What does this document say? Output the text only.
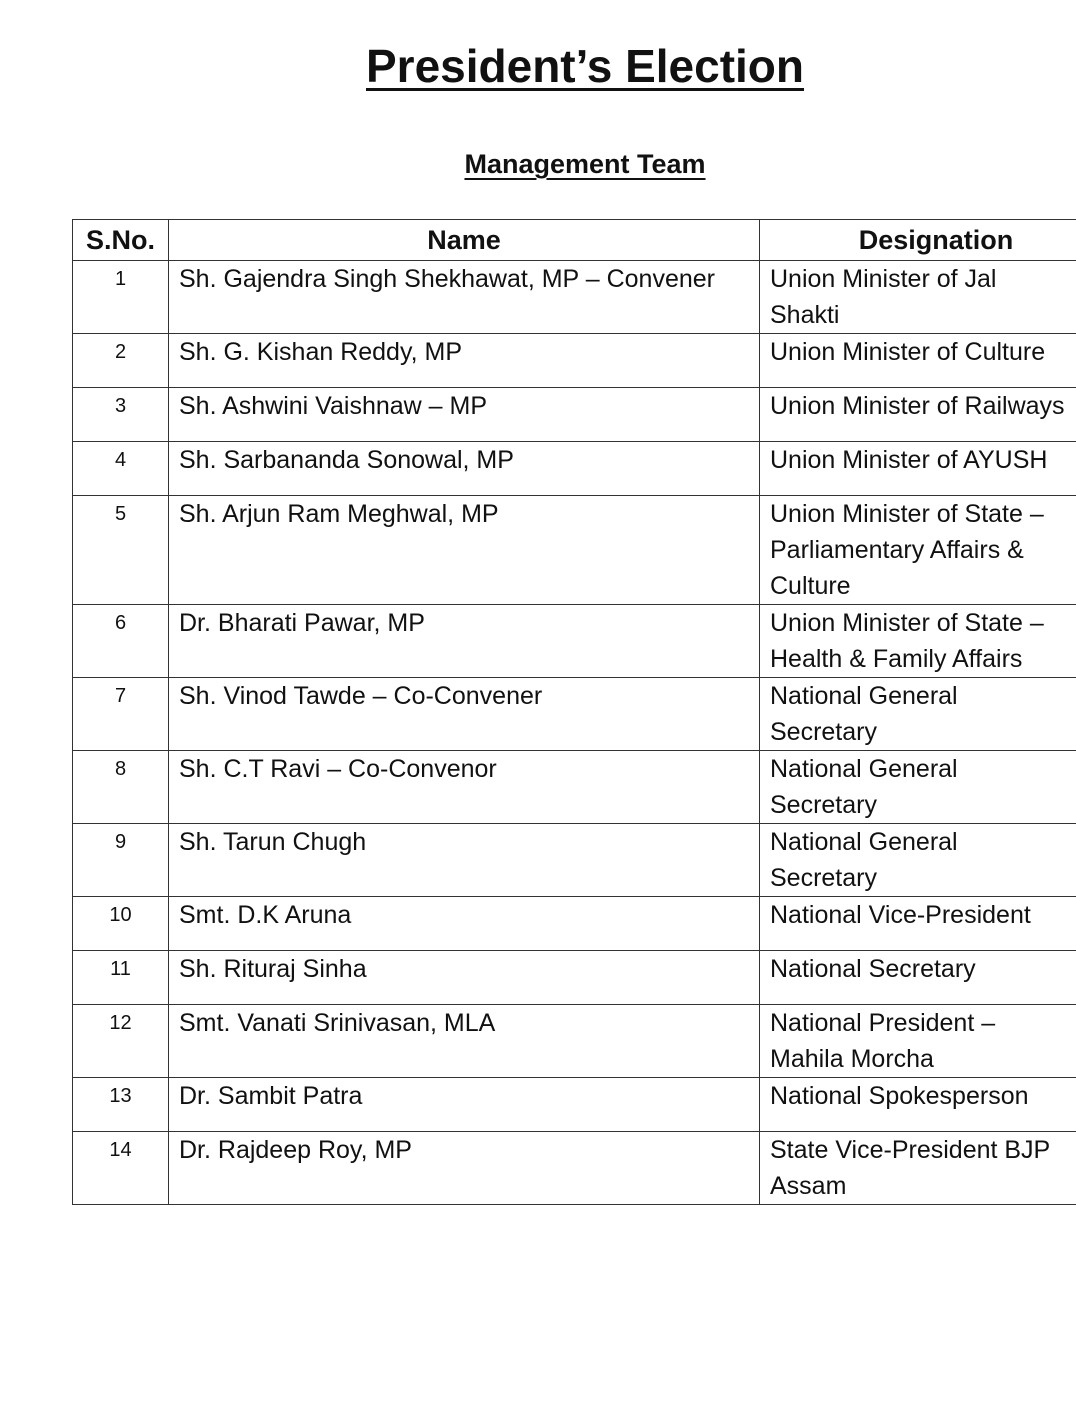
President’s Election
Management Team
S.No.	Name	Designation
1	Sh. Gajendra Singh Shekhawat, MP – Convener	Union Minister of Jal Shakti

2	Sh. G. Kishan Reddy, MP	Union Minister of Culture

3	Sh. Ashwini Vaishnaw – MP	Union Minister of Railways

4	Sh. Sarbananda Sonowal, MP	Union Minister of AYUSH

5	Sh. Arjun Ram Meghwal, MP	Union Minister of State – Parliamentary Affairs & Culture

6	Dr. Bharati Pawar, MP	Union Minister of State – Health & Family Affairs

7	Sh. Vinod Tawde – Co-Convener	National General Secretary

8	Sh. C.T Ravi – Co-Convenor	National General Secretary

9	Sh. Tarun Chugh	National General Secretary

10	Smt. D.K Aruna	National Vice-President

11	Sh. Rituraj Sinha	National Secretary

12	Smt. Vanati Srinivasan, MLA	National President – Mahila Morcha

13	Dr. Sambit Patra	National Spokesperson

14	Dr. Rajdeep Roy, MP	State Vice-President BJP Assam
